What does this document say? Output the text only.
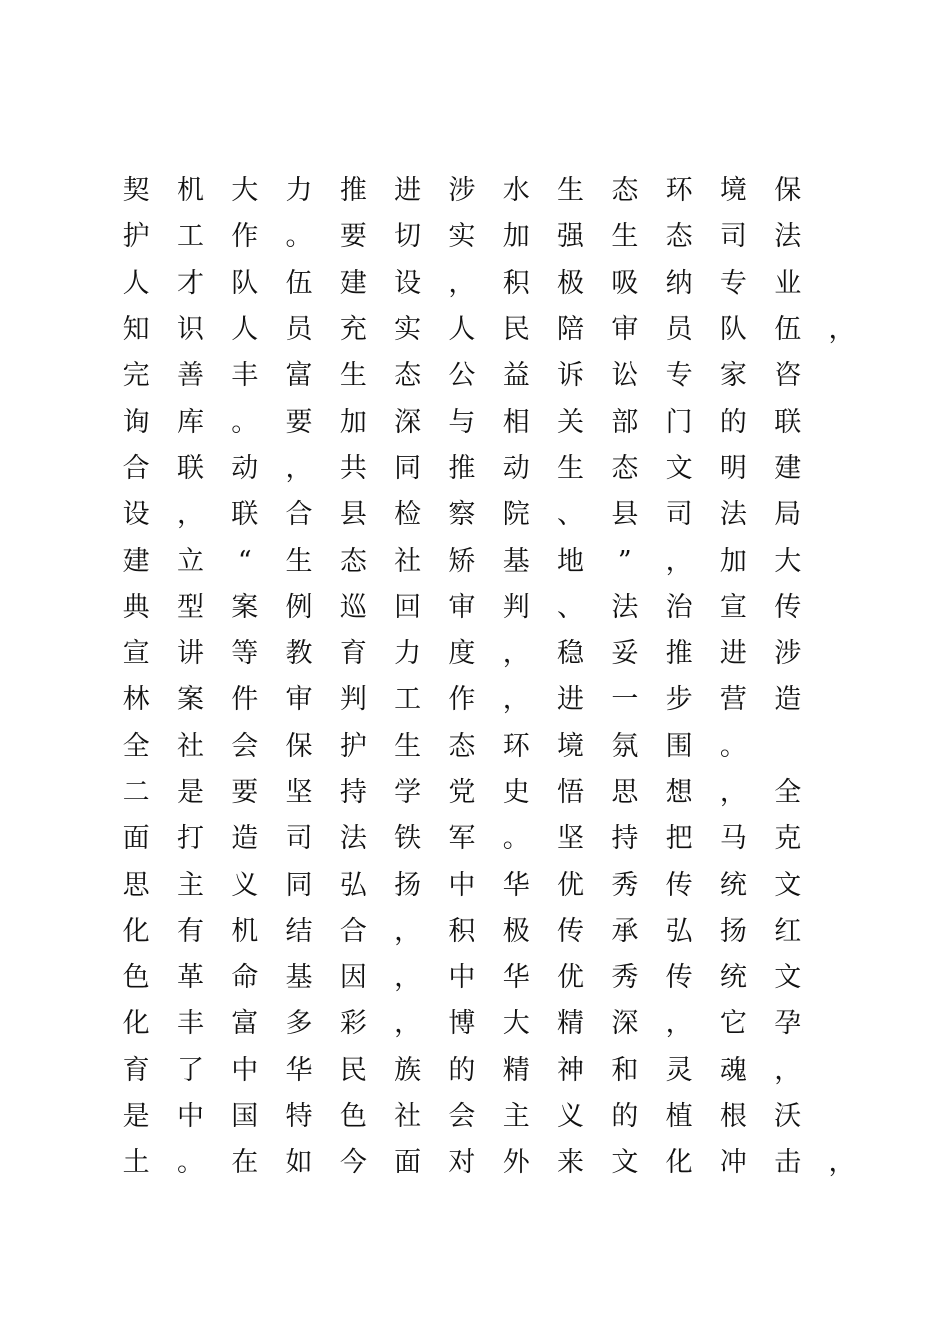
契	机	大	力	推	进	涉	水	生	态	环	境	保
护	工	作	。	要	切	实	加	强	生	态	司	法
人	才	队	伍	建	设	，	积	极	吸	纳	专	业
知	识	人	员	充	实	人	民	陪	审	员	队	伍	，
完	善	丰	富	生	态	公	益	诉	讼	专	家	咨
询	库	。	要	加	深	与	相	关	部	门	的	联
合	联	动	，	共	同	推	动	生	态	文	明	建
设	，	联	合	县	检	察	院	、	县	司	法	局
建	立	“	生	态	社	矫	基	地	”	，	加	大
典	型	案	例	巡	回	审	判	、	法	治	宣	传
宣	讲	等	教	育	力	度	，	稳	妥	推	进	涉
林	案	件	审	判	工	作	，	进	一	步	营	造
全	社	会	保	护	生	态	环	境	氛	围	。
二	是	要	坚	持	学	党	史	悟	思	想	，	全
面	打	造	司	法	铁	军	。	坚	持	把	马	克
思	主	义	同	弘	扬	中	华	优	秀	传	统	文
化	有	机	结	合	，	积	极	传	承	弘	扬	红
色	革	命	基	因	，	中	华	优	秀	传	统	文
化	丰	富	多	彩	，	博	大	精	深	，	它	孕
育	了	中	华	民	族	的	精	神	和	灵	魂	，
是	中	国	特	色	社	会	主	义	的	植	根	沃
土	。	在	如	今	面	对	外	来	文	化	冲	击	，
